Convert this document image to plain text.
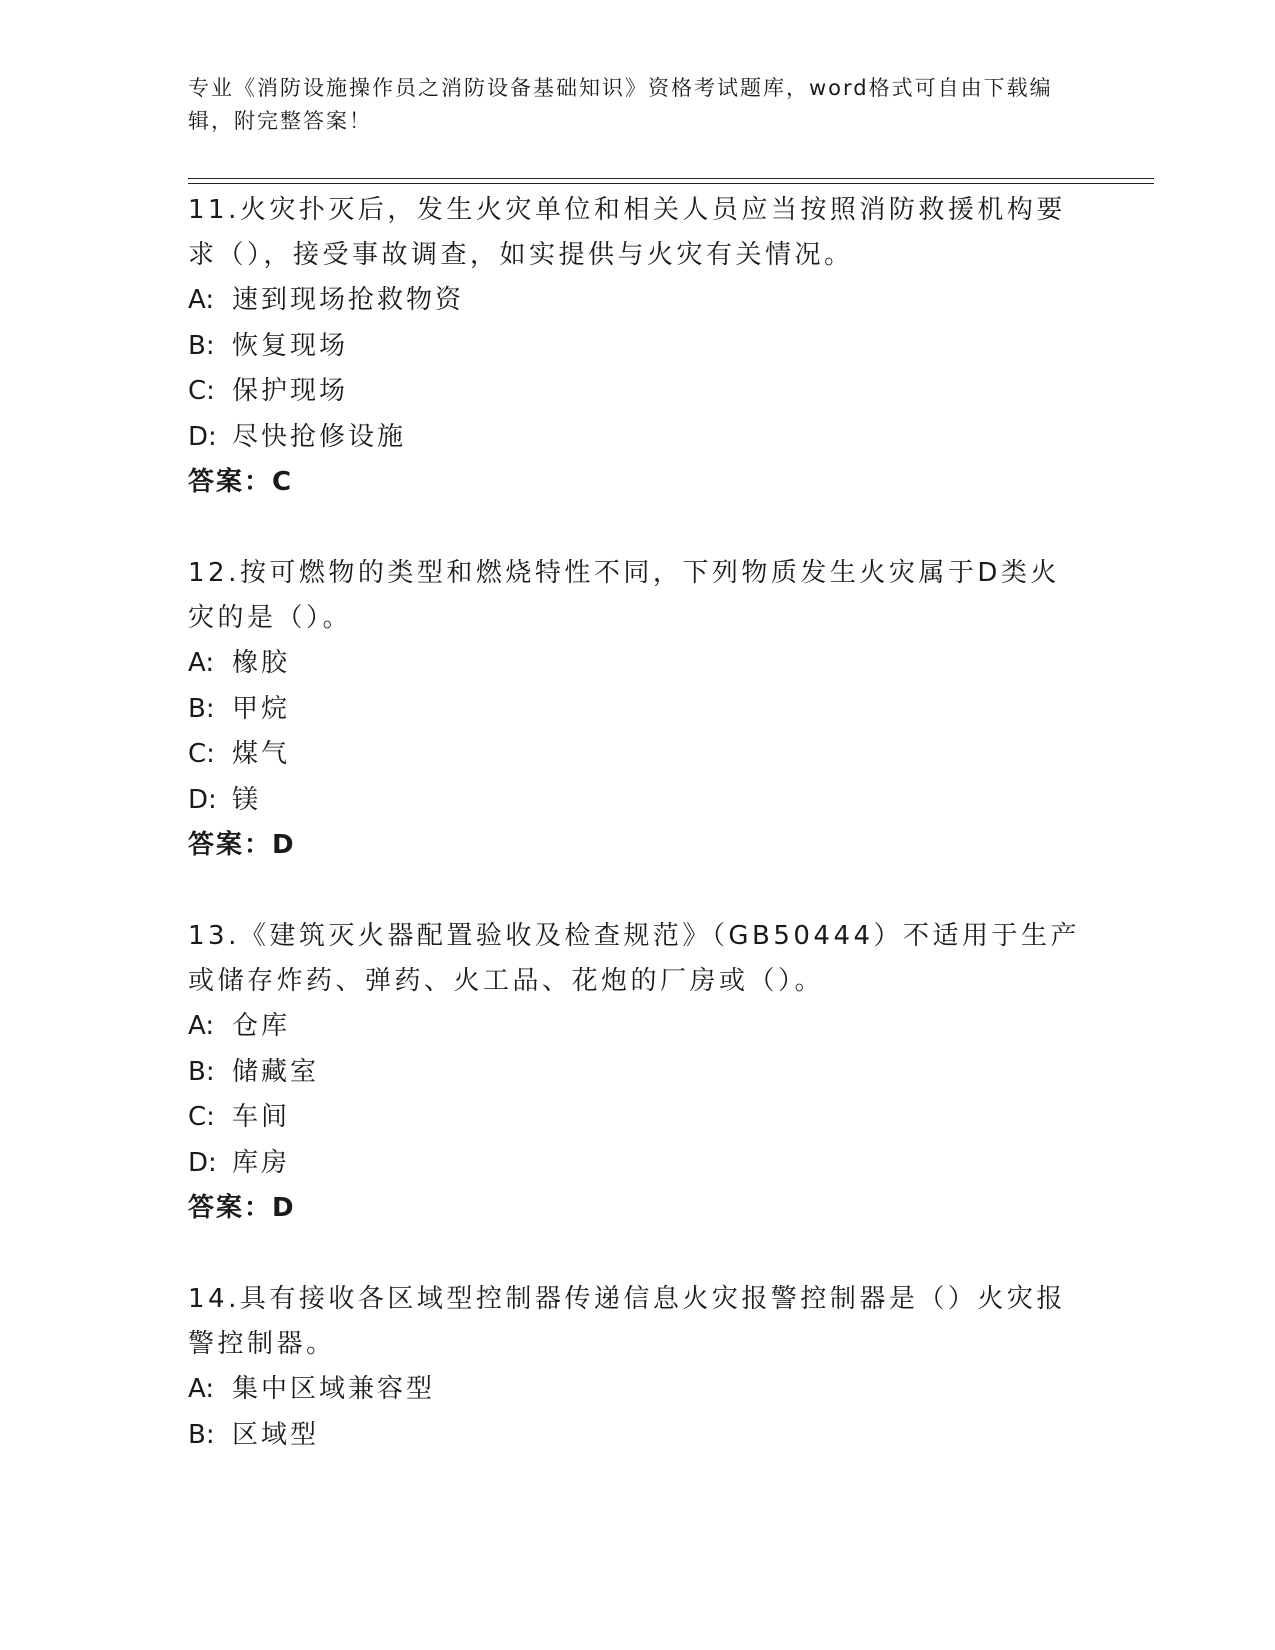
专业《消防设施操作员之消防设备基础知识》资格考试题库，word格式可自由下载编辑，附完整答案！

11.火灾扑灭后，发生火灾单位和相关人员应当按照消防救援机构要求（），接受事故调查，如实提供与火灾有关情况。

A: 速到现场抢救物资

B: 恢复现场

C: 保护现场

D: 尽快抢修设施

答案：C

12.按可燃物的类型和燃烧特性不同，下列物质发生火灾属于D类火灾的是（）。

A: 橡胶

B: 甲烷

C: 煤气

D: 镁

答案：D

13.《建筑灭火器配置验收及检查规范》（GB50444）不适用于生产或储存炸药、弹药、火工品、花炮的厂房或（）。

A: 仓库

B: 储藏室

C: 车间

D: 库房

答案：D

14.具有接收各区域型控制器传递信息火灾报警控制器是（）火灾报警控制器。

A: 集中区域兼容型

B: 区域型
